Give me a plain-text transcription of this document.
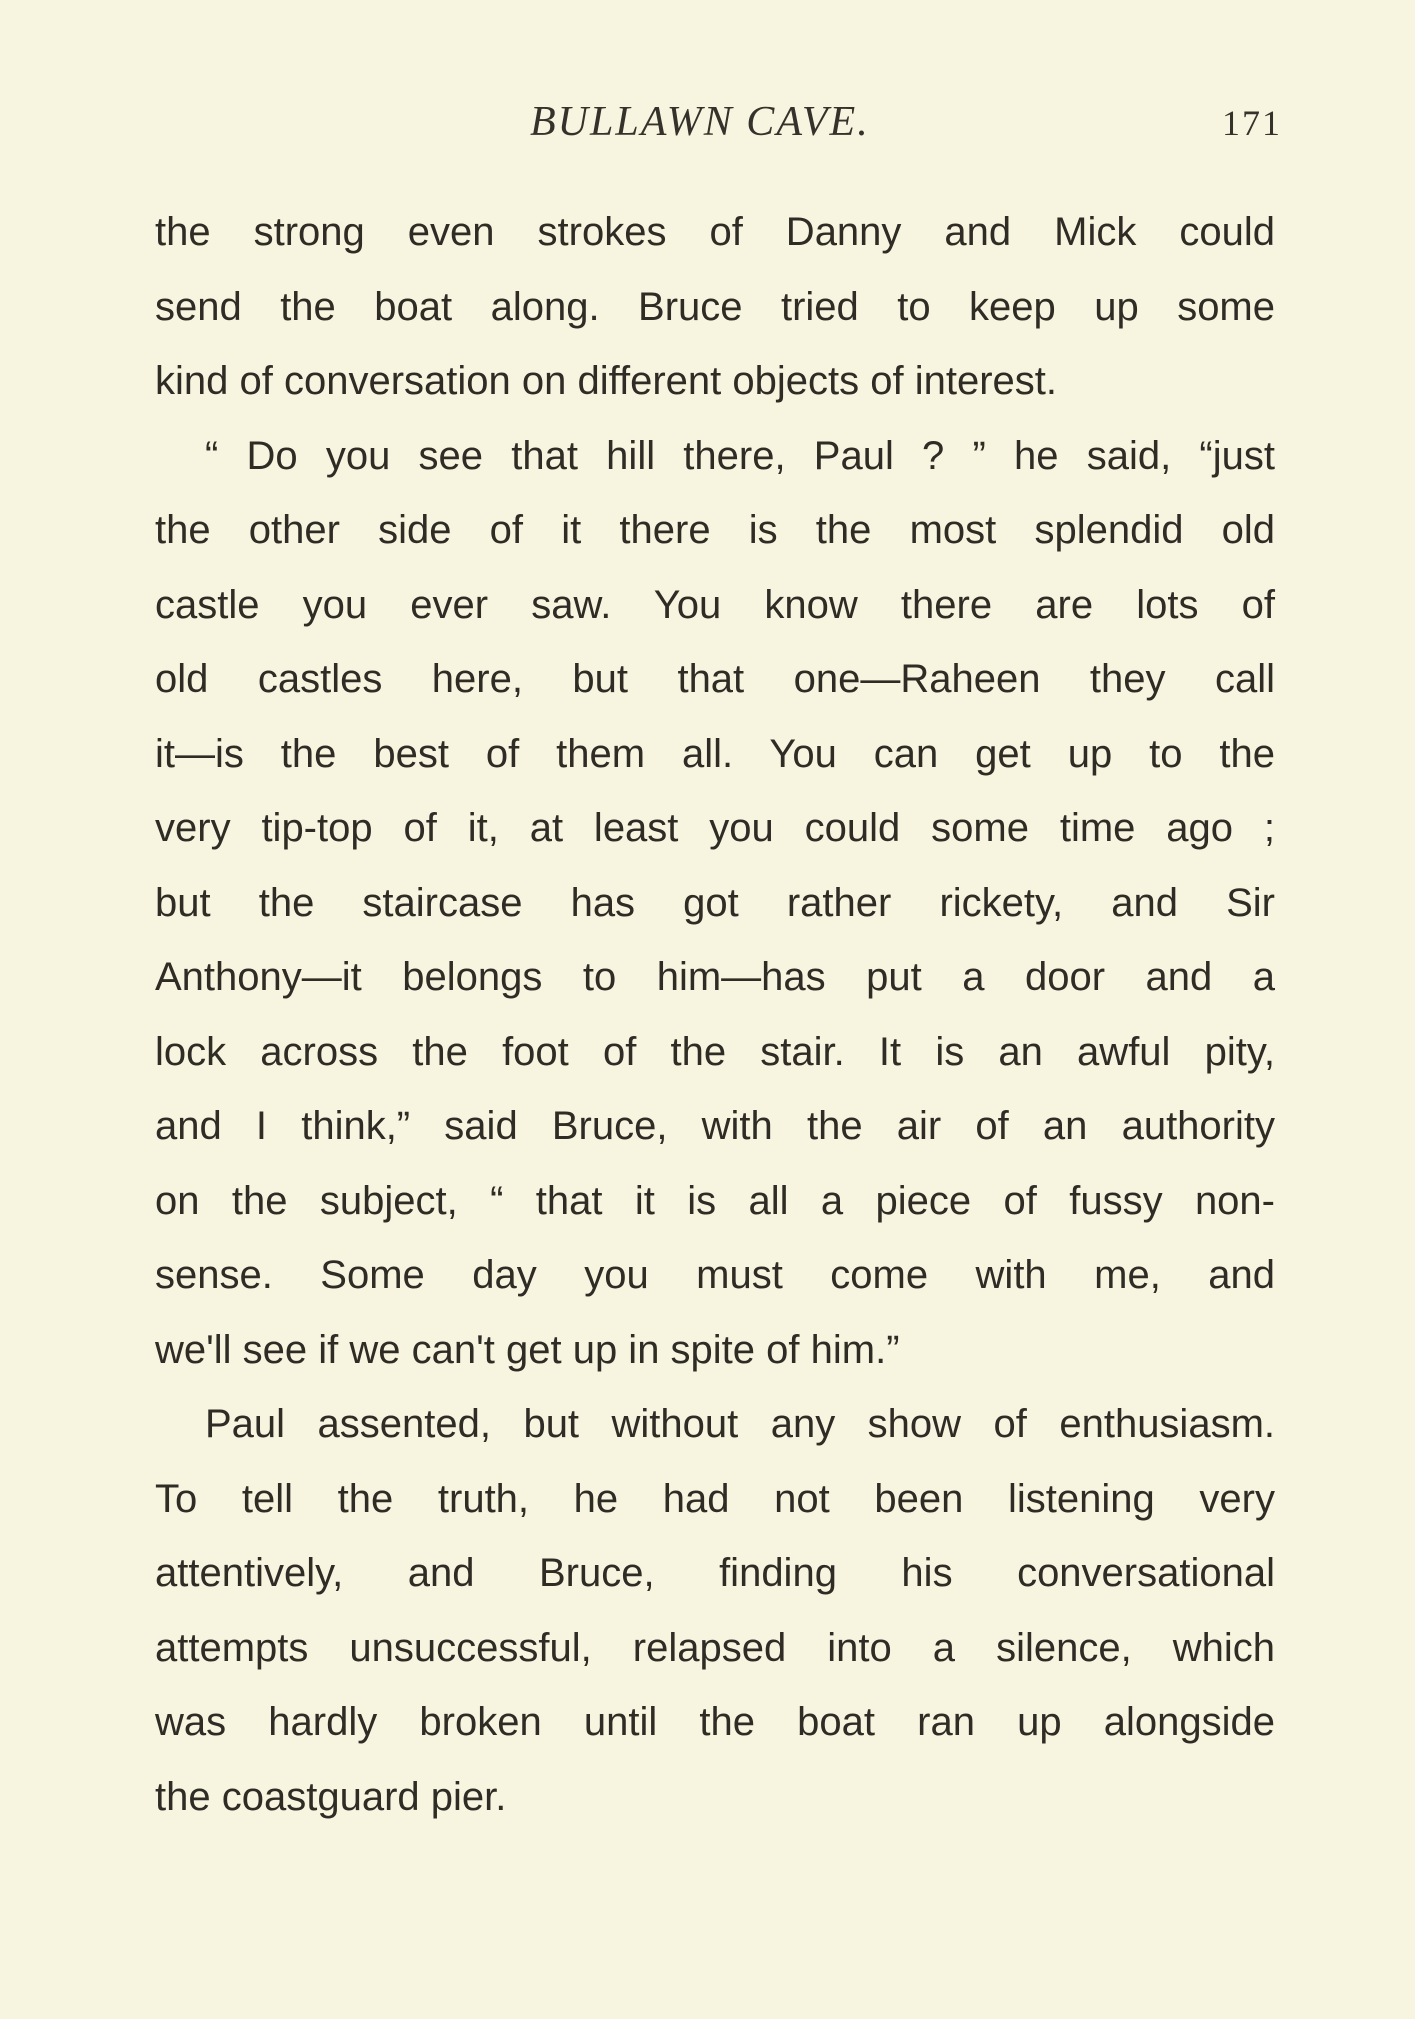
BULLAWN CAVE.	171
the strong even strokes of Danny and Mick could
send the boat along. Bruce tried to keep up some
kind of conversation on different objects of interest.
“ Do you see that hill there, Paul ? ” he said, “just
the other side of it there is the most splendid old
castle you ever saw. You know there are lots of
old castles here, but that one—Raheen they call
it—is the best of them all. You can get up to the
very tip-top of it, at least you could some time ago ;
but the staircase has got rather rickety, and Sir
Anthony—it belongs to him—has put a door and a
lock across the foot of the stair. It is an awful pity,
and I think,” said Bruce, with the air of an authority
on the subject, “ that it is all a piece of fussy non-
sense. Some day you must come with me, and
we'll see if we can't get up in spite of him.”
Paul assented, but without any show of enthusiasm.
To tell the truth, he had not been listening very
attentively, and Bruce, finding his conversational
attempts unsuccessful, relapsed into a silence, which
was hardly broken until the boat ran up alongside
the coastguard pier.
